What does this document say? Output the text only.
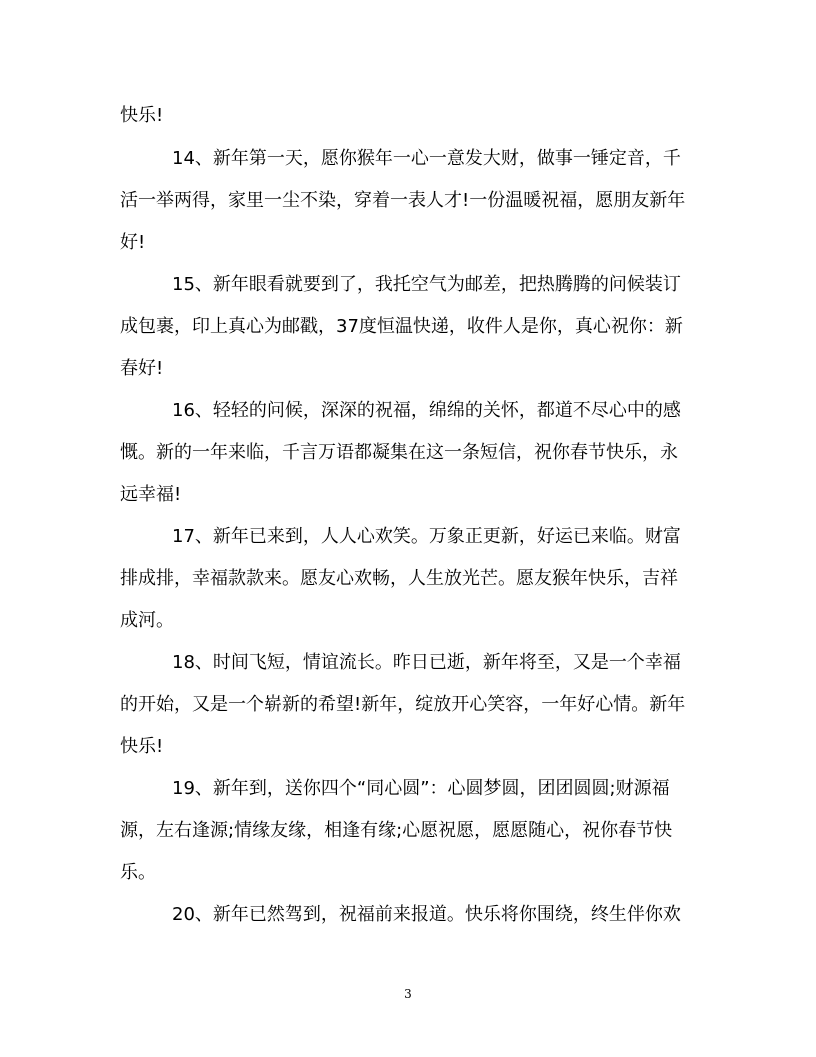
快乐!
14、新年第一天，愿你猴年一心一意发大财，做事一锤定音，千
活一举两得，家里一尘不染，穿着一表人才!一份温暖祝福，愿朋友新年
好!
15、新年眼看就要到了，我托空气为邮差，把热腾腾的问候装订
成包裹，印上真心为邮戳，37度恒温快递，收件人是你，真心祝你：新
春好!
16、轻轻的问候，深深的祝福，绵绵的关怀，都道不尽心中的感
慨。新的一年来临，千言万语都凝集在这一条短信，祝你春节快乐，永
远幸福!
17、新年已来到，人人心欢笑。万象正更新，好运已来临。财富
排成排，幸福款款来。愿友心欢畅，人生放光芒。愿友猴年快乐，吉祥
成河。
18、时间飞短，情谊流长。昨日已逝，新年将至，又是一个幸福
的开始，又是一个崭新的希望!新年，绽放开心笑容，一年好心情。新年
快乐!
19、新年到，送你四个“同心圆”：心圆梦圆，团团圆圆;财源福
源，左右逢源;情缘友缘，相逢有缘;心愿祝愿，愿愿随心，祝你春节快
乐。
20、新年已然驾到，祝福前来报道。快乐将你围绕，终生伴你欢
3
